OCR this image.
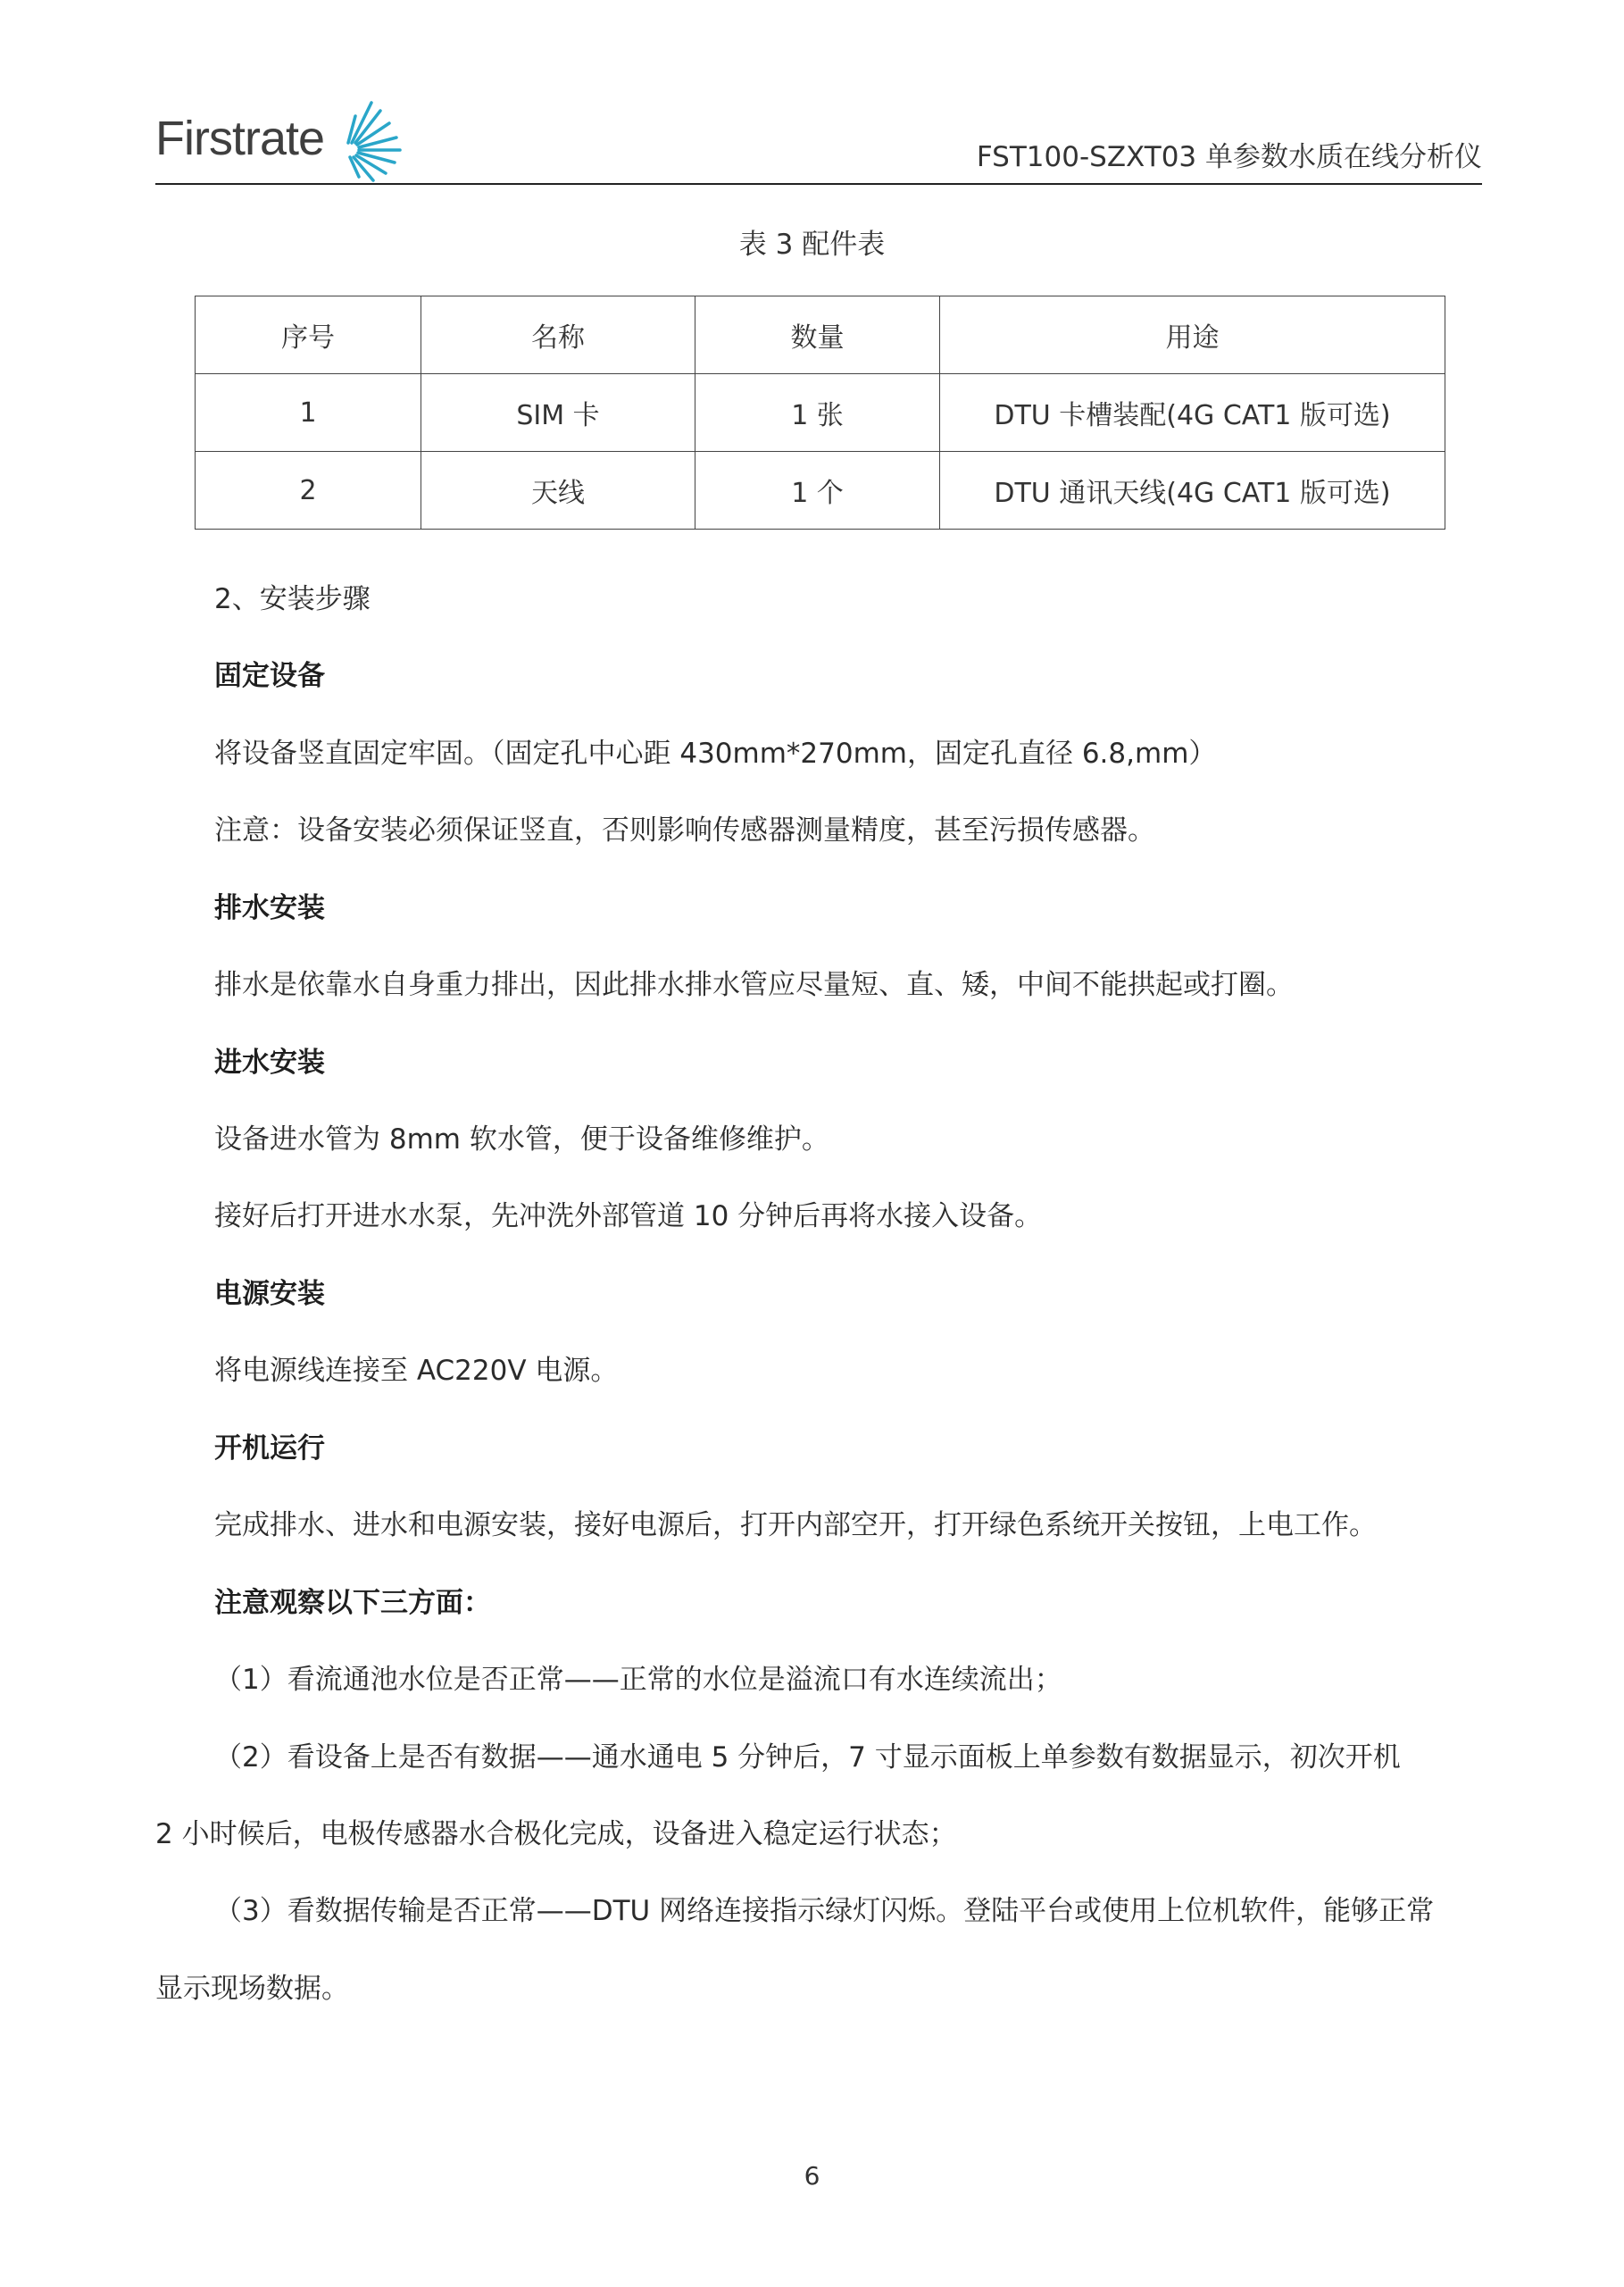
Firstrate	FST100-SZXT03 单参数水质在线分析仪
表 3 配件表
序号	名称	数量	用途
1	SIM 卡	1 张	DTU 卡槽装配(4G CAT1 版可选)
2	天线	1 个	DTU 通讯天线(4G CAT1 版可选)
2、安装步骤
固定设备
将设备竖直固定牢固。（固定孔中心距 430mm*270mm，固定孔直径 6.8,mm）
注意：设备安装必须保证竖直，否则影响传感器测量精度，甚至污损传感器。
排水安装
排水是依靠水自身重力排出，因此排水排水管应尽量短、直、矮，中间不能拱起或打圈。
进水安装
设备进水管为 8mm 软水管，便于设备维修维护。
接好后打开进水水泵，先冲洗外部管道 10 分钟后再将水接入设备。
电源安装
将电源线连接至 AC220V 电源。
开机运行
完成排水、进水和电源安装，接好电源后，打开内部空开，打开绿色系统开关按钮，上电工作。
注意观察以下三方面：
（1）看流通池水位是否正常——正常的水位是溢流口有水连续流出；
（2）看设备上是否有数据——通水通电 5 分钟后，7 寸显示面板上单参数有数据显示，初次开机
2 小时候后，电极传感器水合极化完成，设备进入稳定运行状态；
（3）看数据传输是否正常——DTU 网络连接指示绿灯闪烁。登陆平台或使用上位机软件，能够正常
显示现场数据。
6
